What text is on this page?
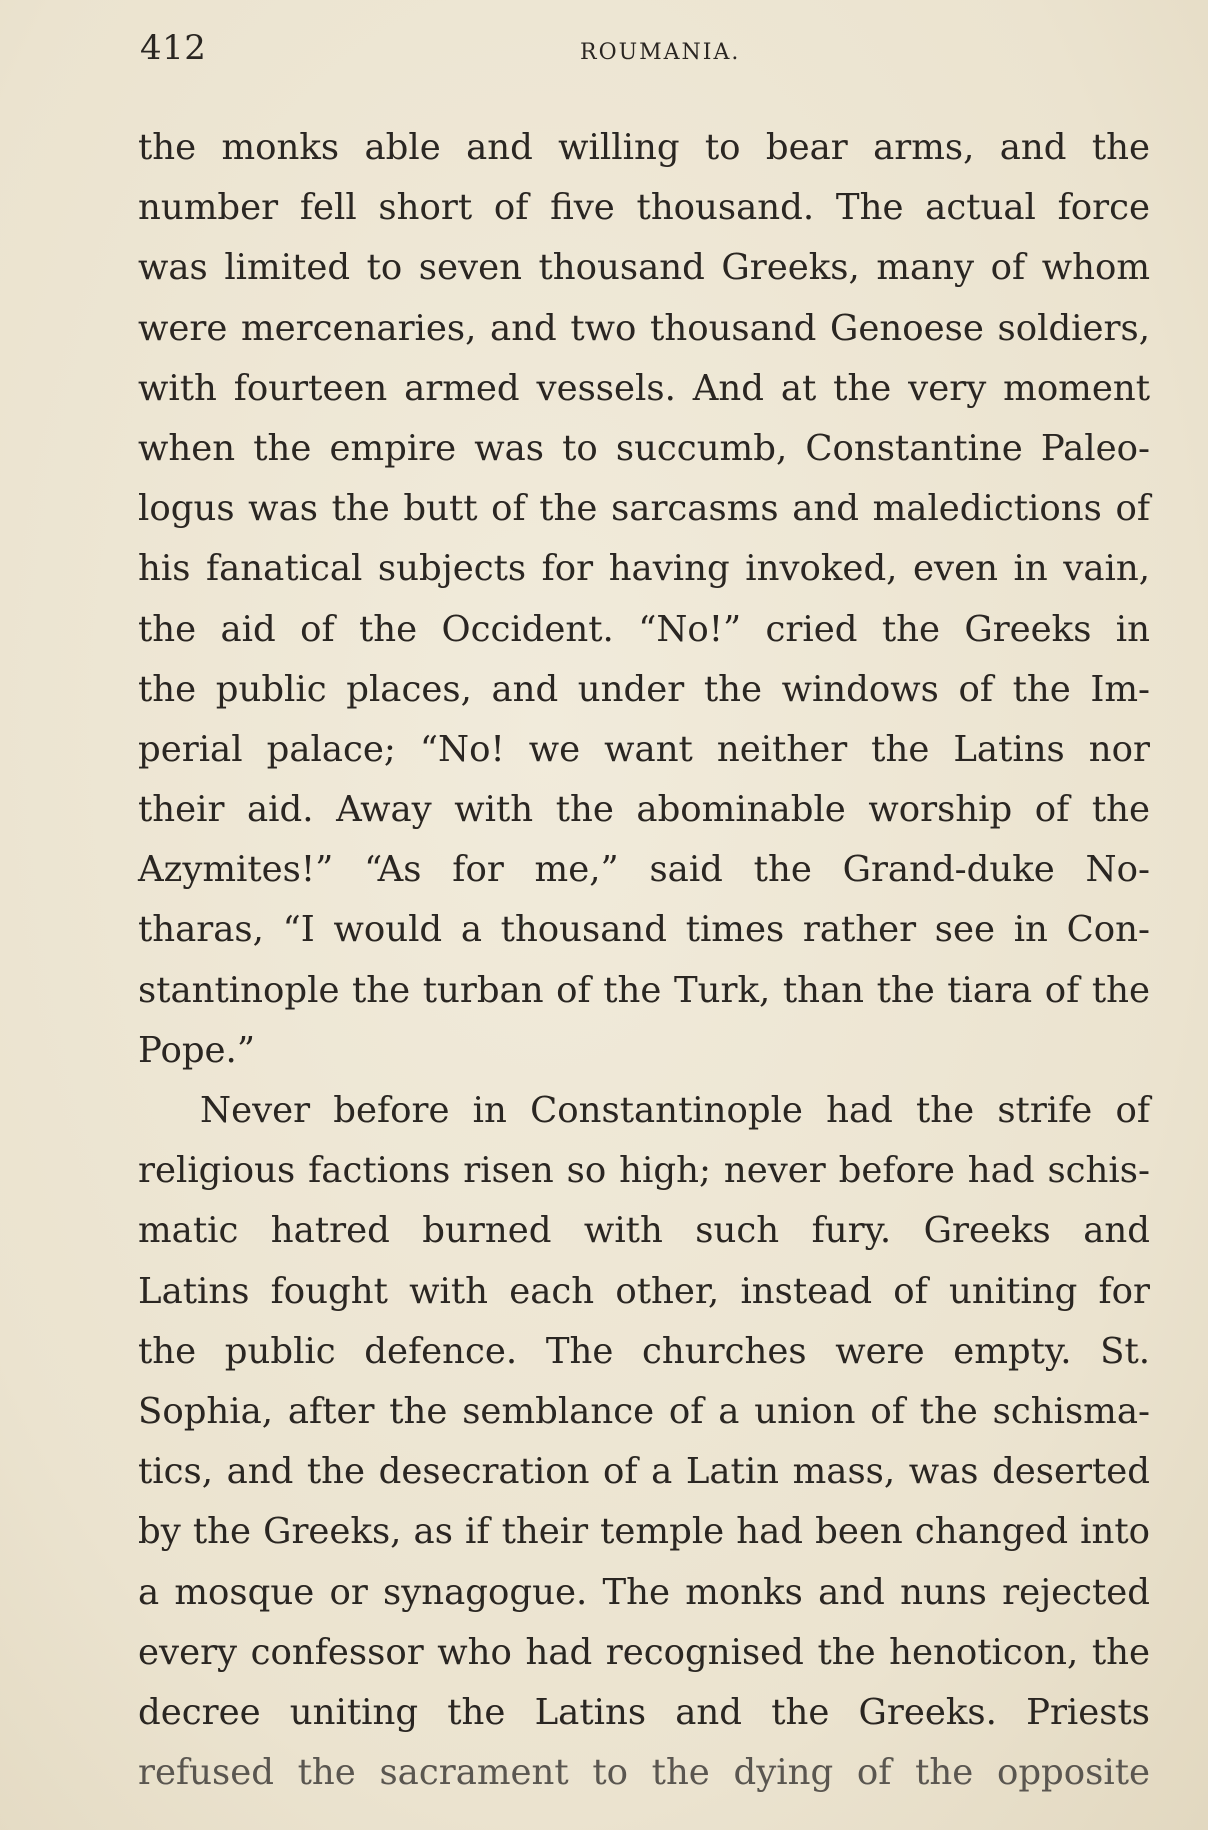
412	ROUMANIA.
the monks able and willing to bear arms, and the
number fell short of five thousand. The actual force
was limited to seven thousand Greeks, many of whom
were mercenaries, and two thousand Genoese soldiers,
with fourteen armed vessels. And at the very moment
when the empire was to succumb, Constantine Paleo-
logus was the butt of the sarcasms and maledictions of
his fanatical subjects for having invoked, even in vain,
the aid of the Occident. “No!” cried the Greeks in
the public places, and under the windows of the Im-
perial palace; “No! we want neither the Latins nor
their aid. Away with the abominable worship of the
Azymites!” “As for me,” said the Grand-duke No-
tharas, “I would a thousand times rather see in Con-
stantinople the turban of the Turk, than the tiara of the
Pope.”
Never before in Constantinople had the strife of
religious factions risen so high; never before had schis-
matic hatred burned with such fury. Greeks and
Latins fought with each other, instead of uniting for
the public defence. The churches were empty. St.
Sophia, after the semblance of a union of the schisma-
tics, and the desecration of a Latin mass, was deserted
by the Greeks, as if their temple had been changed into
a mosque or synagogue. The monks and nuns rejected
every confessor who had recognised the henoticon, the
decree uniting the Latins and the Greeks. Priests
refused the sacrament to the dying of the opposite
